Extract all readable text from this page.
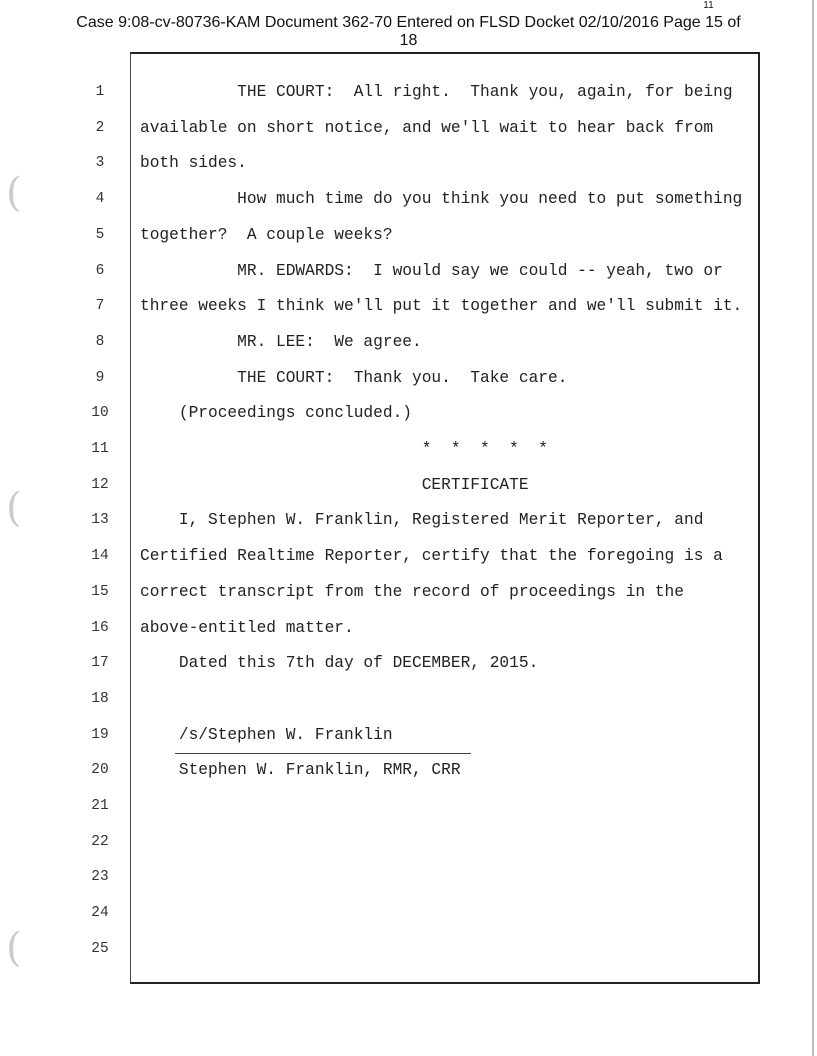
Case 9:08-cv-80736-KAM Document 362-70 Entered on FLSD Docket 02/10/2016 Page 15 of
11
18
1	THE COURT:  All right.  Thank you, again, for being
2	available on short notice, and we'll wait to hear back from
3	both sides.
4	How much time do you think you need to put something
5	together?  A couple weeks?
6	MR. EDWARDS:  I would say we could -- yeah, two or
7	three weeks I think we'll put it together and we'll submit it.
8	MR. LEE:  We agree.
9	THE COURT:  Thank you.  Take care.
10	(Proceedings concluded.)
11	*  *  *  *  *
12	CERTIFICATE
13	I, Stephen W. Franklin, Registered Merit Reporter, and
14	Certified Realtime Reporter, certify that the foregoing is a
15	correct transcript from the record of proceedings in the
16	above-entitled matter.
17	Dated this 7th day of DECEMBER, 2015.
18
19	/s/Stephen W. Franklin
20	Stephen W. Franklin, RMR, CRR
21
22
23
24
25
(
(
(
